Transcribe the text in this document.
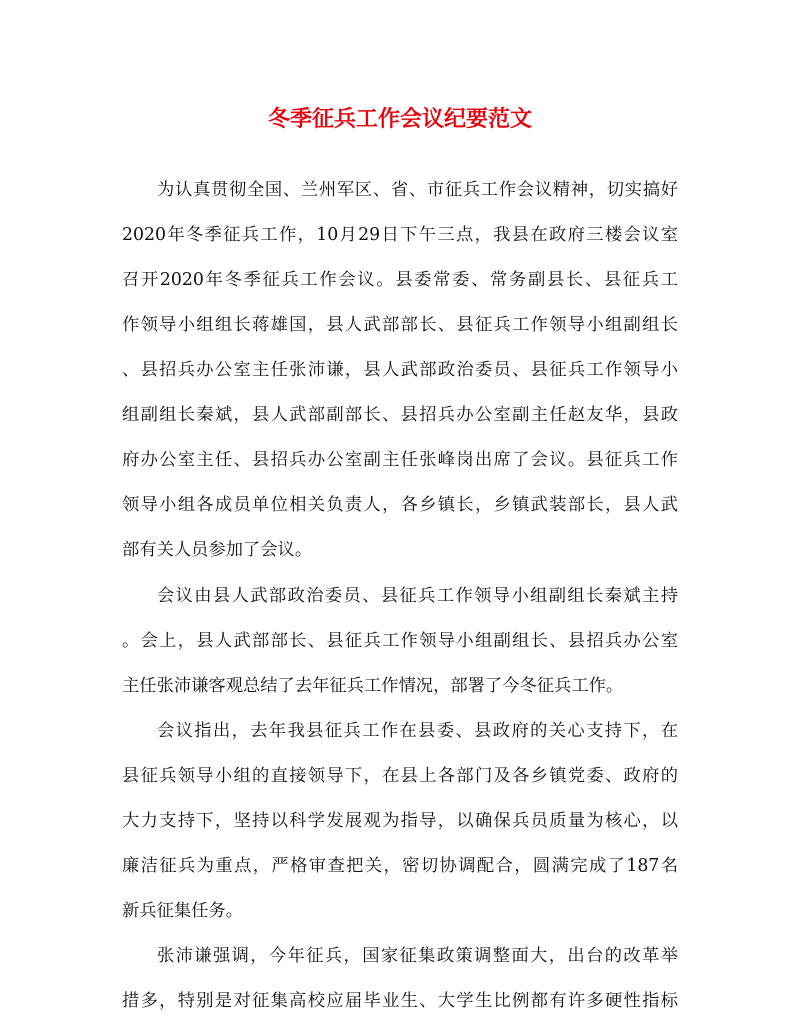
冬季征兵工作会议纪要范文

为认真贯彻全国、兰州军区、省、市征兵工作会议精神，切实搞好

2020年冬季征兵工作，10月29日下午三点，我县在政府三楼会议室

召开2020年冬季征兵工作会议。县委常委、常务副县长、县征兵工

作领导小组组长蒋雄国，县人武部部长、县征兵工作领导小组副组长

、县招兵办公室主任张沛谦，县人武部政治委员、县征兵工作领导小

组副组长秦斌，县人武部副部长、县招兵办公室副主任赵友华，县政

府办公室主任、县招兵办公室副主任张峰岗出席了会议。县征兵工作

领导小组各成员单位相关负责人，各乡镇长，乡镇武装部长，县人武

部有关人员参加了会议。

会议由县人武部政治委员、县征兵工作领导小组副组长秦斌主持

。会上，县人武部部长、县征兵工作领导小组副组长、县招兵办公室

主任张沛谦客观总结了去年征兵工作情况，部署了今冬征兵工作。

会议指出，去年我县征兵工作在县委、县政府的关心支持下，在

县征兵领导小组的直接领导下，在县上各部门及各乡镇党委、政府的

大力支持下，坚持以科学发展观为指导，以确保兵员质量为核心，以

廉洁征兵为重点，严格审查把关，密切协调配合，圆满完成了187名

新兵征集任务。

张沛谦强调，今年征兵，国家征集政策调整面大，出台的改革举

措多，特别是对征集高校应届毕业生、大学生比例都有许多硬性指标
